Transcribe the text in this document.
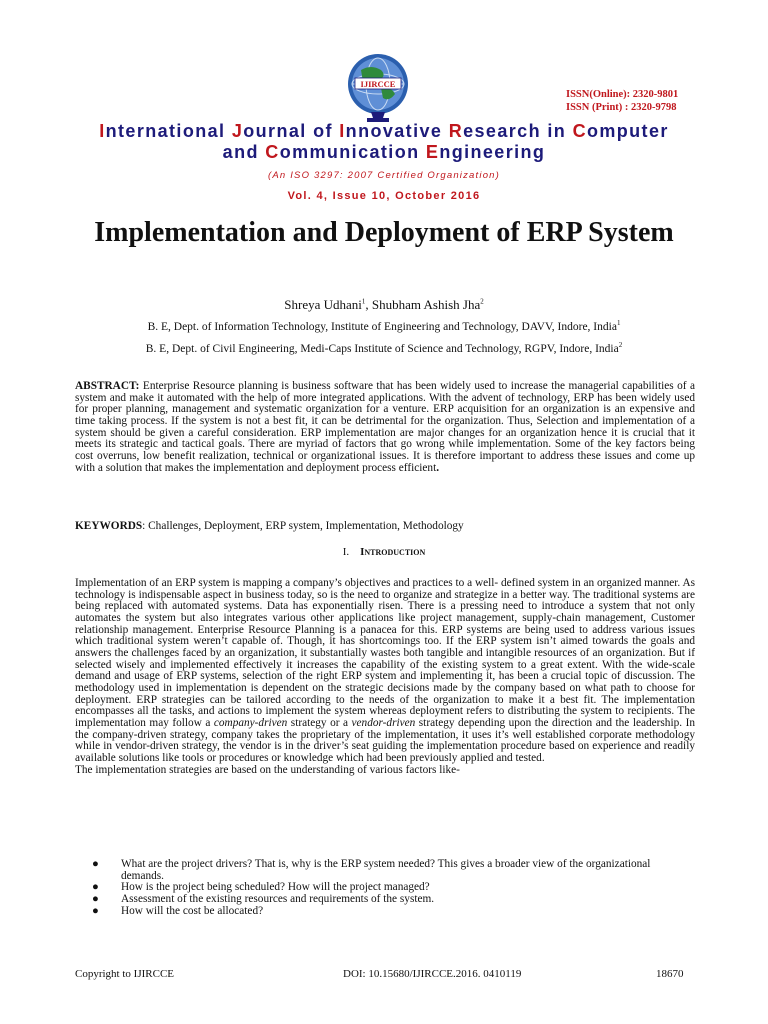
IJIRCCE
ISSN(Online): 2320-9801
ISSN (Print) : 2320-9798
International Journal of Innovative Research in Computer
and Communication Engineering
(An ISO 3297: 2007 Certified Organization)
Vol. 4, Issue 10, October 2016
Implementation and Deployment of ERP System
Shreya Udhani$^1$, Shubham Ashish Jha$^2$
B. E, Dept. of Information Technology, Institute of Engineering and Technology, DAVV, Indore, India$^1$
B. E, Dept. of Civil Engineering, Medi-Caps Institute of Science and Technology, RGPV, Indore, India$^2$
ABSTRACT: Enterprise Resource planning is business software that has been widely used to increase the managerial capabilities of a system and make it automated with the help of more integrated applications. With the advent of technology, ERP has been widely used for proper planning, management and systematic organization for a venture. ERP acquisition for an organization is an expensive and time taking process. If the system is not a best fit, it can be detrimental for the organization. Thus, Selection and implementation of a system should be given a careful consideration. ERP implementation are major changes for an organization hence it is crucial that it meets its strategic and tactical goals. There are myriad of factors that go wrong while implementation. Some of the key factors being cost overruns, low benefit realization, technical or organizational issues. It is therefore important to address these issues and come up with a solution that makes the implementation and deployment process efficient.
KEYWORDS: Challenges, Deployment, ERP system, Implementation, Methodology
I. Introduction

Implementation of an ERP system is mapping a company’s objectives and practices to a well- defined system in an organized manner. As technology is indispensable aspect in business today, so is the need to organize and strategize in a better way. The traditional systems are being replaced with automated systems. Data has exponentially risen. There is a pressing need to introduce a system that not only automates the system but also integrates various other applications like project management, supply-chain management, Customer relationship management. Enterprise Resource Planning is a panacea for this. ERP systems are being used to address various issues which traditional system weren’t capable of. Though, it has shortcomings too. If the ERP system isn’t aimed towards the goals and answers the challenges faced by an organization, it substantially wastes both tangible and intangible resources of an organization. But if selected wisely and implemented effectively it increases the capability of the existing system to a great extent. With the wide-scale demand and usage of ERP systems, selection of the right ERP system and implementing it, has been a crucial topic of discussion. The methodology used in implementation is dependent on the strategic decisions made by the company based on what path to choose for deployment. ERP strategies can be tailored according to the needs of the organization to make it a best fit. The implementation encompasses all the tasks, and actions to implement the system whereas deployment refers to distributing the system to recipients. The implementation may follow a company-driven strategy or a vendor-driven strategy depending upon the direction and the leadership. In the company-driven strategy, company takes the proprietary of the implementation, it uses it’s well established corporate methodology while in vendor-driven strategy, the vendor is in the driver’s seat guiding the implementation procedure based on experience and readily available solutions like tools or procedures or knowledge which had been previously applied and tested.

The implementation strategies are based on the understanding of various factors like-

●	What are the project drivers? That is, why is the ERP system needed? This gives a broader view of the organizational demands.
●	How is the project being scheduled? How will the project managed?
●	Assessment of the existing resources and requirements of the system.
●	How will the cost be allocated?
Copyright to IJIRCCE	DOI: 10.15680/IJIRCCE.2016. 0410119	18670
